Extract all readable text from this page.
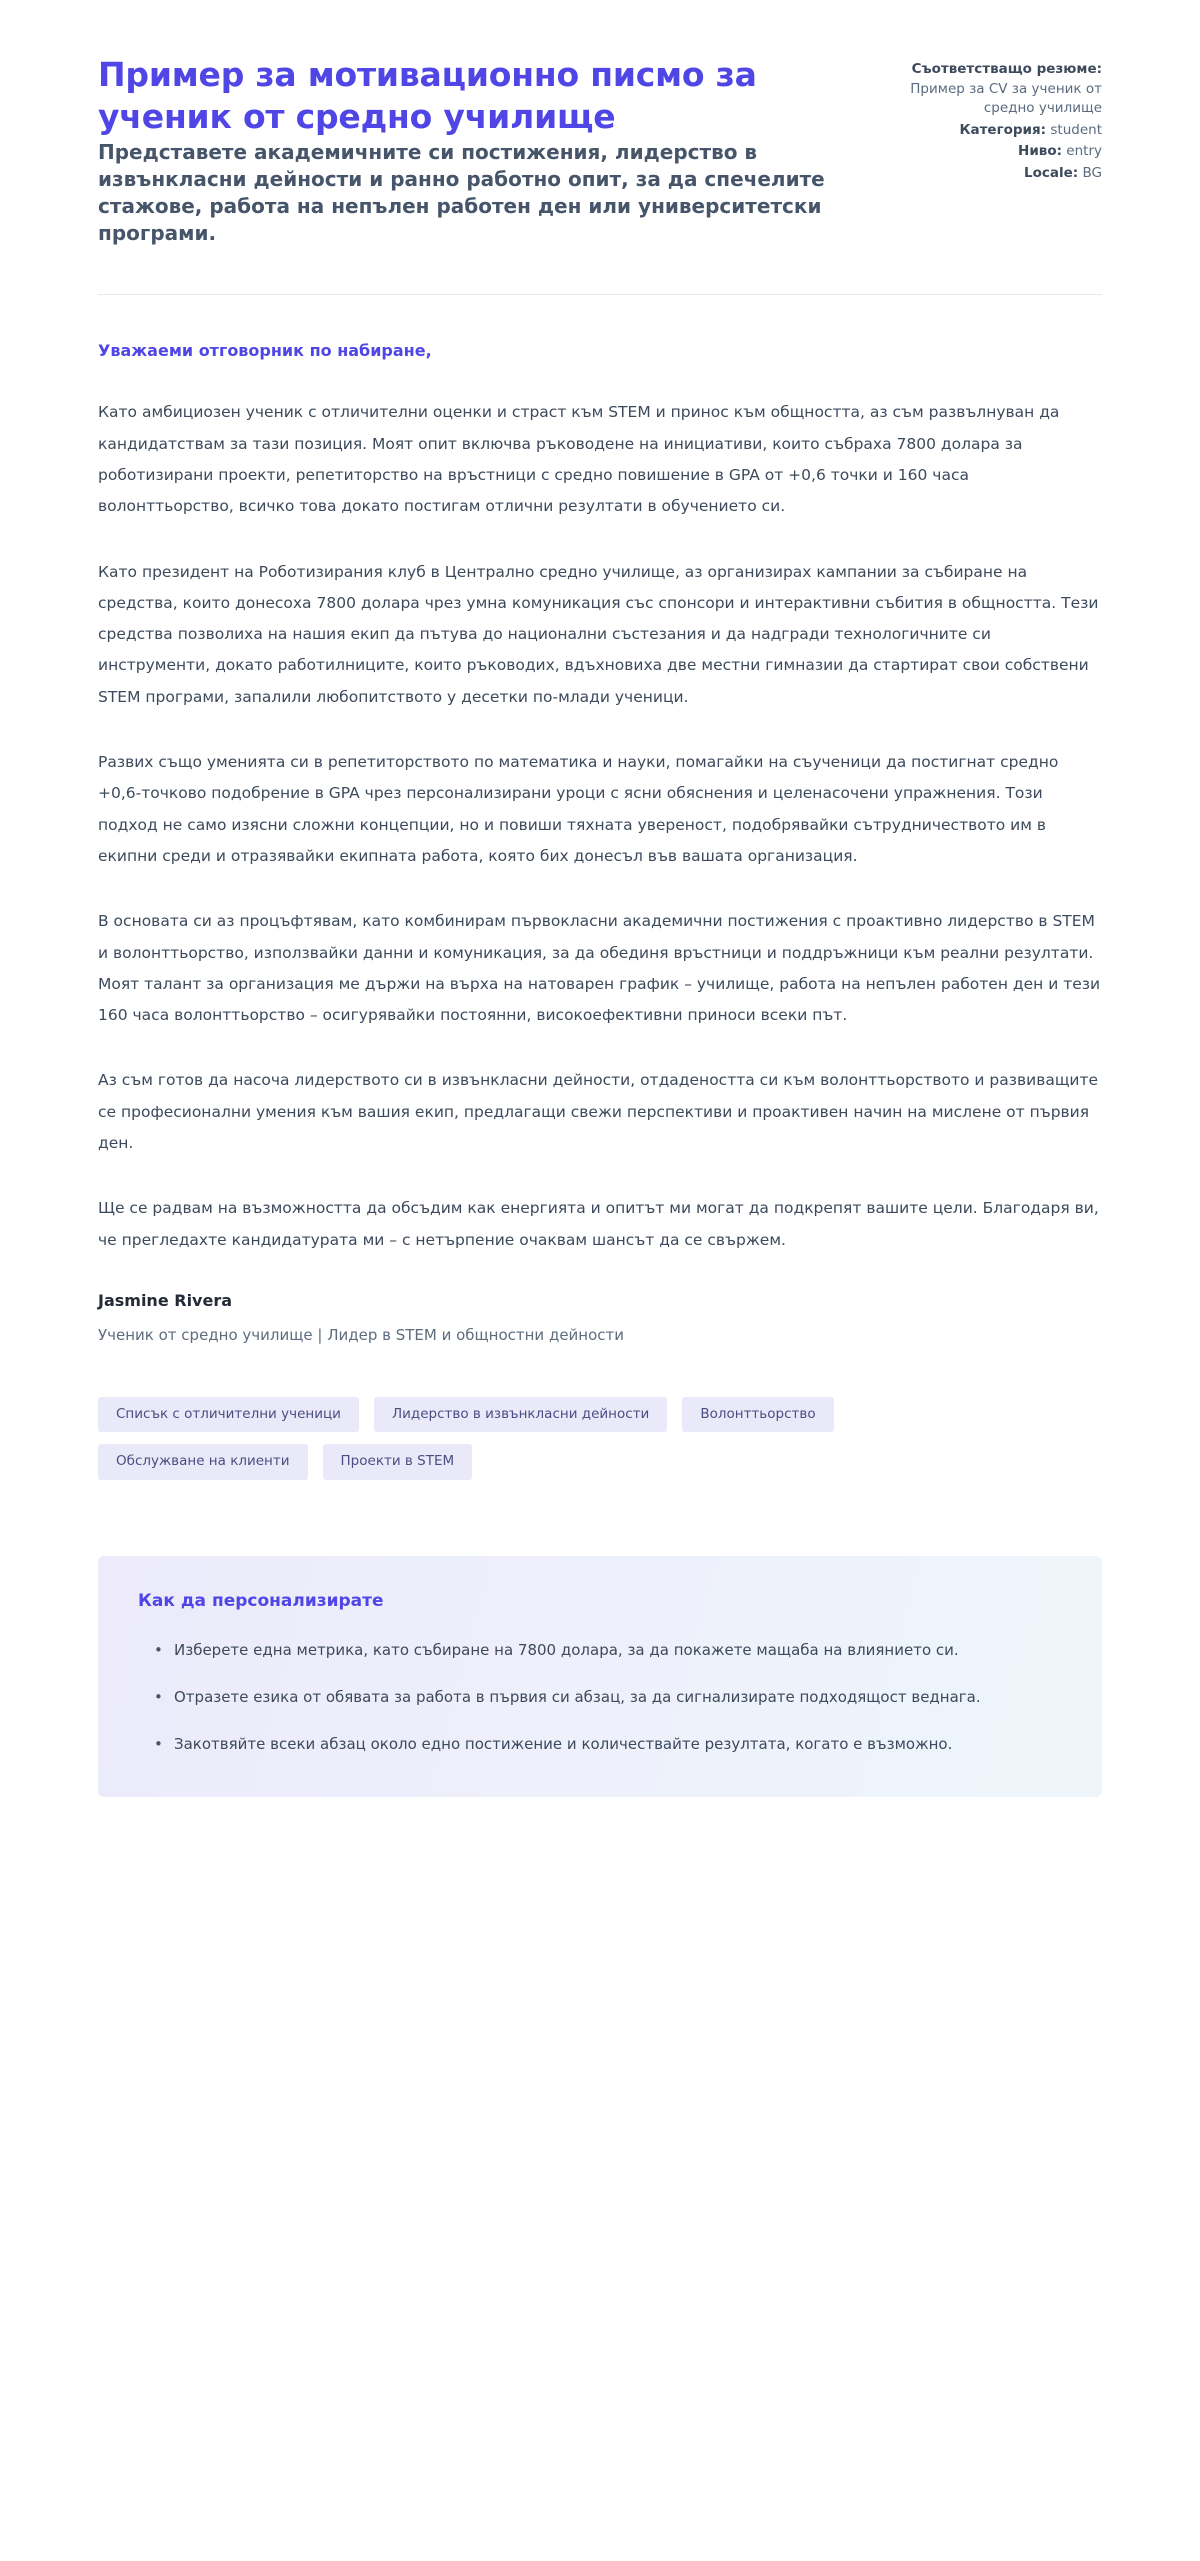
Пример за мотивационно писмо за ученик от средно училище

Представете академичните си постижения, лидерство в извънкласни дейности и ранно работно опит, за да спечелите стажове, работа на непълен работен ден или университетски програми.

Съответстващо резюме: Пример за CV за ученик от средно училище
Категория: student
Ниво: entry
Locale: BG

Уважаеми отговорник по набиране,

Като амбициозен ученик с отличителни оценки и страст към STEM и принос към общността, аз съм развълнуван да кандидатствам за тази позиция. Моят опит включва ръководене на инициативи, които събраха 7800 долара за роботизирани проекти, репетиторство на връстници с средно повишение в GPA от +0,6 точки и 160 часа волонттьорство, всичко това докато постигам отлични резултати в обучението си.

Като президент на Роботизирания клуб в Централно средно училище, аз организирах кампании за събиране на средства, които донесоха 7800 долара чрез умна комуникация със спонсори и интерактивни събития в общността. Тези средства позволиха на нашия екип да пътува до национални състезания и да надгради технологичните си инструменти, докато работилниците, които ръководих, вдъхновиха две местни гимназии да стартират свои собствени STEM програми, запалили любопитството у десетки по-млади ученици.

Развих също уменията си в репетиторството по математика и науки, помагайки на съученици да постигнат средно +0,6-точково подобрение в GPA чрез персонализирани уроци с ясни обяснения и целенасочени упражнения. Този подход не само изясни сложни концепции, но и повиши тяхната увереност, подобрявайки сътрудничеството им в екипни среди и отразявайки екипната работа, която бих донесъл във вашата организация.

В основата си аз процъфтявам, като комбинирам първокласни академични постижения с проактивно лидерство в STEM и волонттьорство, използвайки данни и комуникация, за да обединя връстници и поддръжници към реални резултати. Моят талант за организация ме държи на върха на натоварен график – училище, работа на непълен работен ден и тези 160 часа волонттьорство – осигурявайки постоянни, високоефективни приноси всеки път.

Аз съм готов да насоча лидерството си в извънкласни дейности, отдадеността си към волонттьорството и развиващите се професионални умения към вашия екип, предлагащи свежи перспективи и проактивен начин на мислене от първия ден.

Ще се радвам на възможността да обсъдим как енергията и опитът ми могат да подкрепят вашите цели. Благодаря ви, че прегледахте кандидатурата ми – с нетърпение очаквам шансът да се свържем.

Jasmine Rivera

Ученик от средно училище | Лидер в STEM и общностни дейности

Списък с отличителни ученици	Лидерство в извънкласни дейности	Волонттьорство
Обслужване на клиенти	Проекти в STEM
Как да персонализирате
• Изберете една метрика, като събиране на 7800 долара, за да покажете мащаба на влиянието си.
• Отразете езика от обявата за работа в първия си абзац, за да сигнализирате подходящост веднага.
• Закотвяйте всеки абзац около едно постижение и количествайте резултата, когато е възможно.
